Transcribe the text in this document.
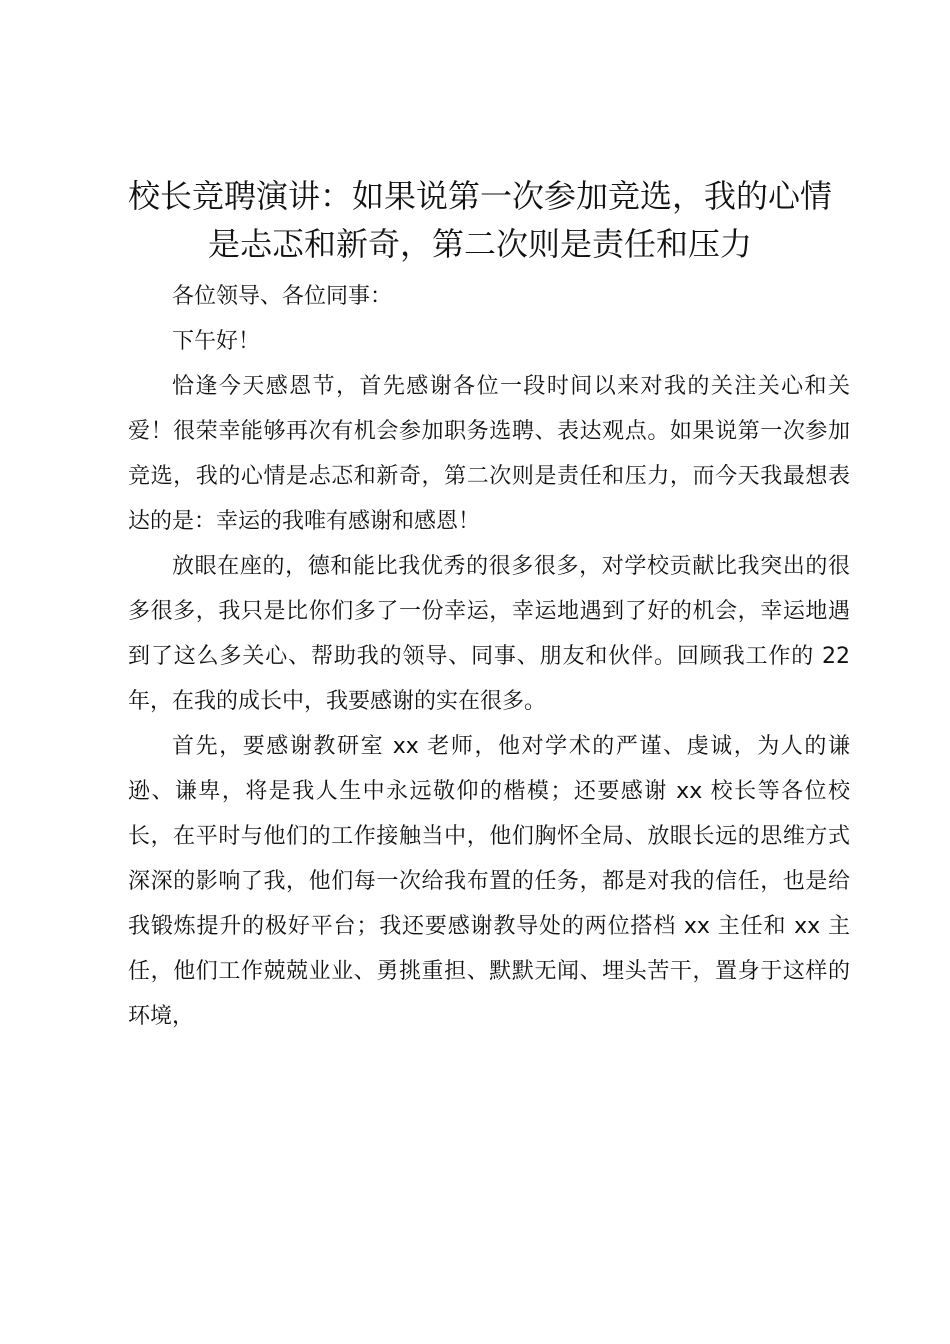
校长竞聘演讲：如果说第一次参加竞选，我的心情是忐忑和新奇，第二次则是责任和压力

各位领导、各位同事：

下午好！

恰逢今天感恩节，首先感谢各位一段时间以来对我的关注关心和关爱！很荣幸能够再次有机会参加职务选聘、表达观点。如果说第一次参加竞选，我的心情是忐忑和新奇，第二次则是责任和压力，而今天我最想表达的是：幸运的我唯有感谢和感恩！

放眼在座的，德和能比我优秀的很多很多，对学校贡献比我突出的很多很多，我只是比你们多了一份幸运，幸运地遇到了好的机会，幸运地遇到了这么多关心、帮助我的领导、同事、朋友和伙伴。回顾我工作的 22 年，在我的成长中，我要感谢的实在很多。

首先，要感谢教研室 xx 老师，他对学术的严谨、虔诚，为人的谦逊、谦卑，将是我人生中永远敬仰的楷模；还要感谢 xx 校长等各位校长，在平时与他们的工作接触当中，他们胸怀全局、放眼长远的思维方式深深的影响了我，他们每一次给我布置的任务，都是对我的信任，也是给我锻炼提升的极好平台；我还要感谢教导处的两位搭档 xx 主任和 xx 主任，他们工作兢兢业业、勇挑重担、默默无闻、埋头苦干，置身于这样的环境，
